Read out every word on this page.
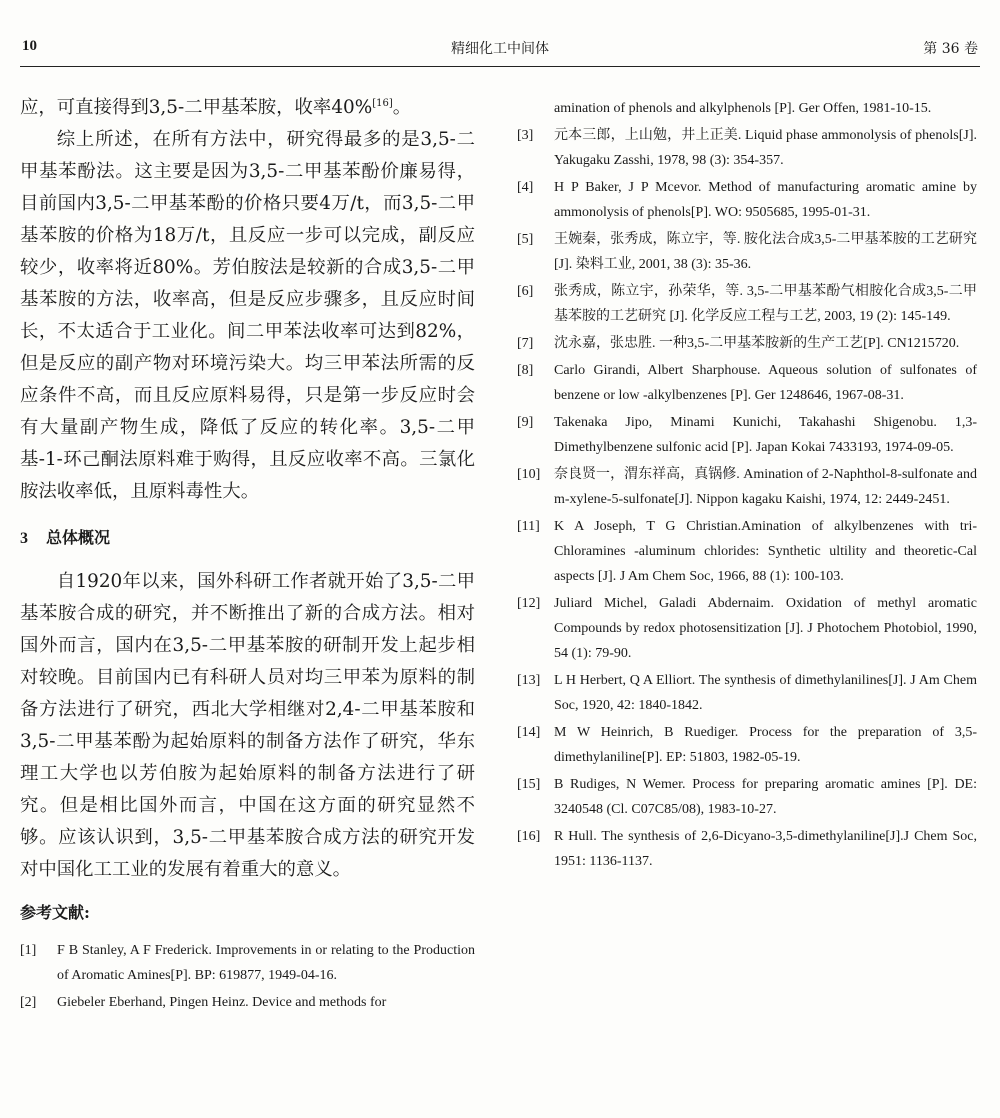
10	精细化工中间体	第 36 卷

应，可直接得到3,5-二甲基苯胺，收率40%[16]。

综上所述，在所有方法中，研究得最多的是3,5-二甲基苯酚法。这主要是因为3,5-二甲基苯酚价廉易得，目前国内3,5-二甲基苯酚的价格只要4万/t，而3,5-二甲基苯胺的价格为18万/t，且反应一步可以完成，副反应较少，收率将近80%。芳伯胺法是较新的合成3,5-二甲基苯胺的方法，收率高，但是反应步骤多，且反应时间长，不太适合于工业化。间二甲苯法收率可达到82%，但是反应的副产物对环境污染大。均三甲苯法所需的反应条件不高，而且反应原料易得，只是第一步反应时会有大量副产物生成，降低了反应的转化率。3,5-二甲基-1-环己酮法原料难于购得，且反应收率不高。三氯化胺法收率低，且原料毒性大。

3 总体概况

自1920年以来，国外科研工作者就开始了3,5-二甲基苯胺合成的研究，并不断推出了新的合成方法。相对国外而言，国内在3,5-二甲基苯胺的研制开发上起步相对较晚。目前国内已有科研人员对均三甲苯为原料的制备方法进行了研究，西北大学相继对2,4-二甲基苯胺和3,5-二甲基苯酚为起始原料的制备方法作了研究，华东理工大学也以芳伯胺为起始原料的制备方法进行了研究。但是相比国外而言，中国在这方面的研究显然不够。应该认识到，3,5-二甲基苯胺合成方法的研究开发对中国化工工业的发展有着重大的意义。

参考文献:
[1] F B Stanley, A F Frederick. Improvements in or relating to the Production of Aromatic Amines[P]. BP: 619877, 1949-04-16.
[2] Giebeler Eberhand, Pingen Heinz. Device and methods for
amination of phenols and alkylphenols [P]. Ger Offen, 1981-10-15.
[3] 元本三郎，上山勉，井上正美. Liquid phase ammonolysis of phenols[J]. Yakugaku Zasshi, 1978, 98 (3): 354-357.
[4] H P Baker, J P Mcevor. Method of manufacturing aromatic amine by ammonolysis of phenols[P]. WO: 9505685, 1995-01-31.
[5] 王婉秦，张秀成，陈立宇，等. 胺化法合成3,5-二甲基苯胺的工艺研究[J]. 染料工业, 2001, 38 (3): 35-36.
[6] 张秀成，陈立宇，孙荣华，等. 3,5-二甲基苯酚气相胺化合成3,5-二甲基苯胺的工艺研究 [J]. 化学反应工程与工艺, 2003, 19 (2): 145-149.
[7] 沈永嘉，张忠胜. 一种3,5-二甲基苯胺新的生产工艺[P]. CN1215720.
[8] Carlo Girandi, Albert Sharphouse. Aqueous solution of sulfonates of benzene or low -alkylbenzenes [P]. Ger 1248646, 1967-08-31.
[9] Takenaka Jipo, Minami Kunichi, Takahashi Shigenobu. 1,3-Dimethylbenzene sulfonic acid [P]. Japan Kokai 7433193, 1974-09-05.
[10] 奈良贤一，渭东祥高，真锅修. Amination of 2-Naphthol-8-sulfonate and m-xylene-5-sulfonate[J]. Nippon kagaku Kaishi, 1974, 12: 2449-2451.
[11] K A Joseph, T G Christian.Amination of alkylbenzenes with tri-Chloramines -aluminum chlorides: Synthetic ultility and theoretic-Cal aspects [J]. J Am Chem Soc, 1966, 88 (1): 100-103.
[12] Juliard Michel, Galadi Abdernaim. Oxidation of methyl aromatic Compounds by redox photosensitization [J]. J Photochem Photobiol, 1990, 54 (1): 79-90.
[13] L H Herbert, Q A Elliort. The synthesis of dimethylanilines[J]. J Am Chem Soc, 1920, 42: 1840-1842.
[14] M W Heinrich, B Ruediger. Process for the preparation of 3,5-dimethylaniline[P]. EP: 51803, 1982-05-19.
[15] B Rudiges, N Wemer. Process for preparing aromatic amines [P]. DE: 3240548 (Cl. C07C85/08), 1983-10-27.
[16] R Hull. The synthesis of 2,6-Dicyano-3,5-dimethylaniline[J].J Chem Soc, 1951: 1136-1137.
